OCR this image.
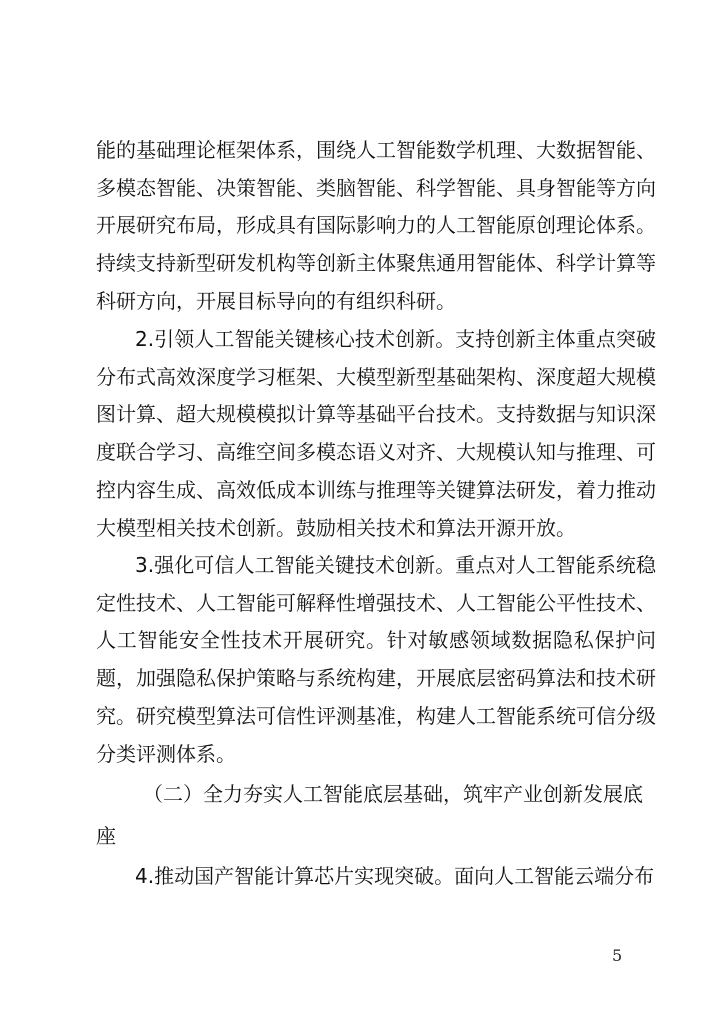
能的基础理论框架体系，围绕人工智能数学机理、大数据智能、多模态智能、决策智能、类脑智能、科学智能、具身智能等方向开展研究布局，形成具有国际影响力的人工智能原创理论体系。持续支持新型研发机构等创新主体聚焦通用智能体、科学计算等科研方向，开展目标导向的有组织科研。
2.引领人工智能关键核心技术创新。支持创新主体重点突破分布式高效深度学习框架、大模型新型基础架构、深度超大规模图计算、超大规模模拟计算等基础平台技术。支持数据与知识深度联合学习、高维空间多模态语义对齐、大规模认知与推理、可控内容生成、高效低成本训练与推理等关键算法研发，着力推动大模型相关技术创新。鼓励相关技术和算法开源开放。
3.强化可信人工智能关键技术创新。重点对人工智能系统稳定性技术、人工智能可解释性增强技术、人工智能公平性技术、人工智能安全性技术开展研究。针对敏感领域数据隐私保护问题，加强隐私保护策略与系统构建，开展底层密码算法和技术研究。研究模型算法可信性评测基准，构建人工智能系统可信分级分类评测体系。
（二）全力夯实人工智能底层基础，筑牢产业创新发展底
座
4.推动国产智能计算芯片实现突破。面向人工智能云端分布
5
